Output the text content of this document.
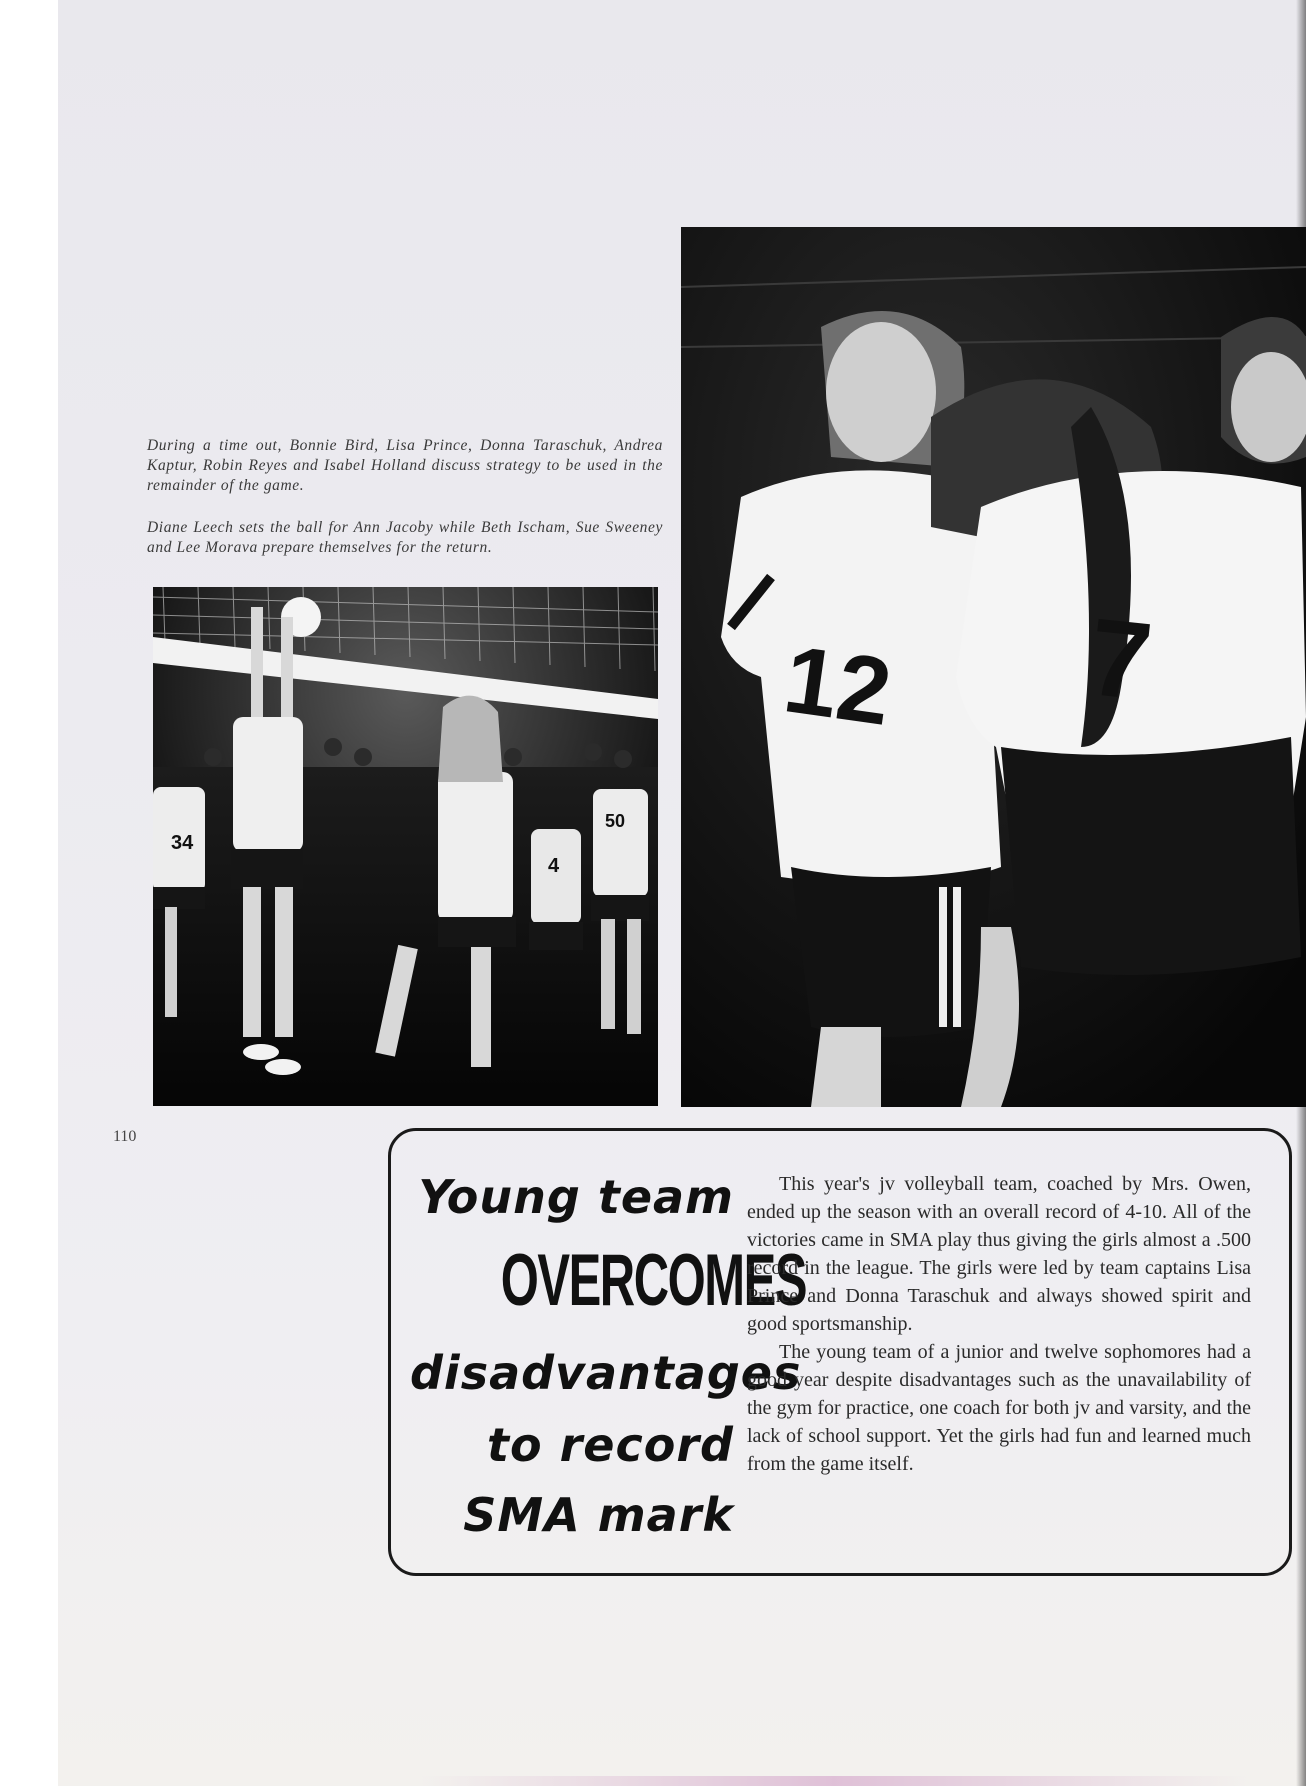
During a time out, Bonnie Bird, Lisa Prince, Donna Taraschuk, Andrea Kaptur, Robin Reyes and Isabel Holland discuss strategy to be used in the remainder of the game.

Diane Leech sets the ball for Ann Jacoby while Beth Ischam, Sue Sweeney and Lee Morava prepare themselves for the return.

34
4
50
12 7

110

Young team
OVERCOMES
disadvantages
to record
SMA mark

This year's jv volleyball team, coached by Mrs. Owen, ended up the season with an overall record of 4-10. All of the victories came in SMA play thus giving the girls almost a .500 record in the league. The girls were led by team captains Lisa Prince and Donna Taraschuk and always showed spirit and good sportsmanship.

The young team of a junior and twelve sophomores had a good year despite disadvantages such as the unavailability of the gym for practice, one coach for both jv and varsity, and the lack of school support. Yet the girls had fun and learned much from the game itself.
